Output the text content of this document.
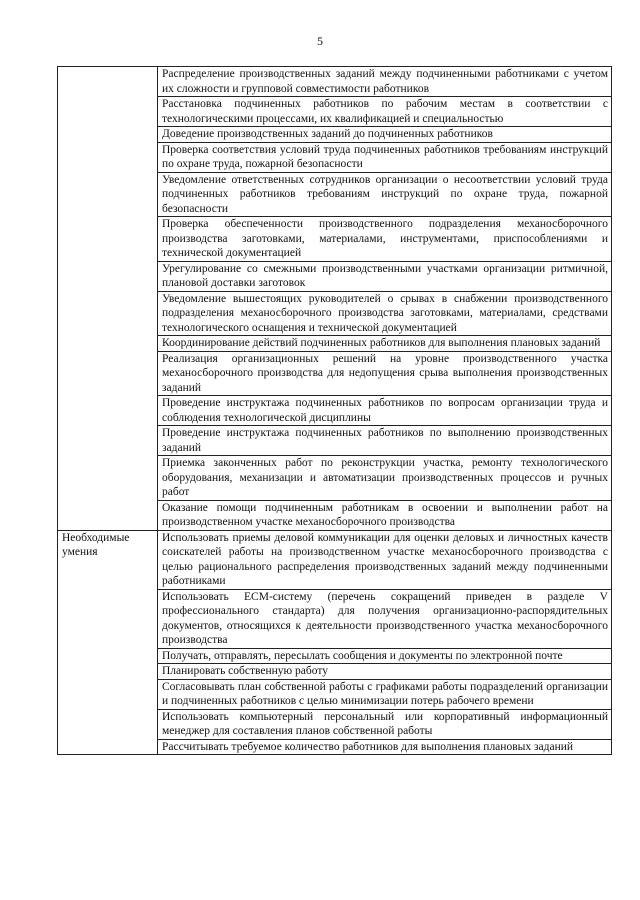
5
	Распределение производственных заданий между подчиненными работниками с учетом их сложности и групповой совместимости работников
	Расстановка подчиненных работников по рабочим местам в соответствии с технологическими процессами, их квалификацией и специальностью
	Доведение производственных заданий до подчиненных работников
	Проверка соответствия условий труда подчиненных работников требованиям инструкций по охране труда, пожарной безопасности
	Уведомление ответственных сотрудников организации о несоответствии условий труда подчиненных работников требованиям инструкций по охране труда, пожарной безопасности
	Проверка обеспеченности производственного подразделения механосборочного производства заготовками, материалами, инструментами, приспособлениями и технической документацией
	Урегулирование со смежными производственными участками организации ритмичной, плановой доставки заготовок
	Уведомление вышестоящих руководителей о срывах в снабжении производственного подразделения механосборочного производства заготовками, материалами, средствами технологического оснащения и технической документацией
	Координирование действий подчиненных работников для выполнения плановых заданий
	Реализация организационных решений на уровне производственного участка механосборочного производства для недопущения срыва выполнения производственных заданий
	Проведение инструктажа подчиненных работников по вопросам организации труда и соблюдения технологической дисциплины
	Проведение инструктажа подчиненных работников по выполнению производственных заданий
	Приемка законченных работ по реконструкции участка, ремонту технологического оборудования, механизации и автоматизации производственных процессов и ручных работ
	Оказание помощи подчиненным работникам в освоении и выполнении работ на производственном участке механосборочного производства
Необходимые умения	Использовать приемы деловой коммуникации для оценки деловых и личностных качеств соискателей работы на производственном участке механосборочного производства с целью рационального распределения производственных заданий между подчиненными работниками
	Использовать ЕСМ-систему (перечень сокращений приведен в разделе V профессионального стандарта) для получения организационно-распорядительных документов, относящихся к деятельности производственного участка механосборочного производства
	Получать, отправлять, пересылать сообщения и документы по электронной почте
	Планировать собственную работу
	Согласовывать план собственной работы с графиками работы подразделений организации и подчиненных работников с целью минимизации потерь рабочего времени
	Использовать компьютерный персональный или корпоративный информационный менеджер для составления планов собственной работы
	Рассчитывать требуемое количество работников для выполнения плановых заданий
